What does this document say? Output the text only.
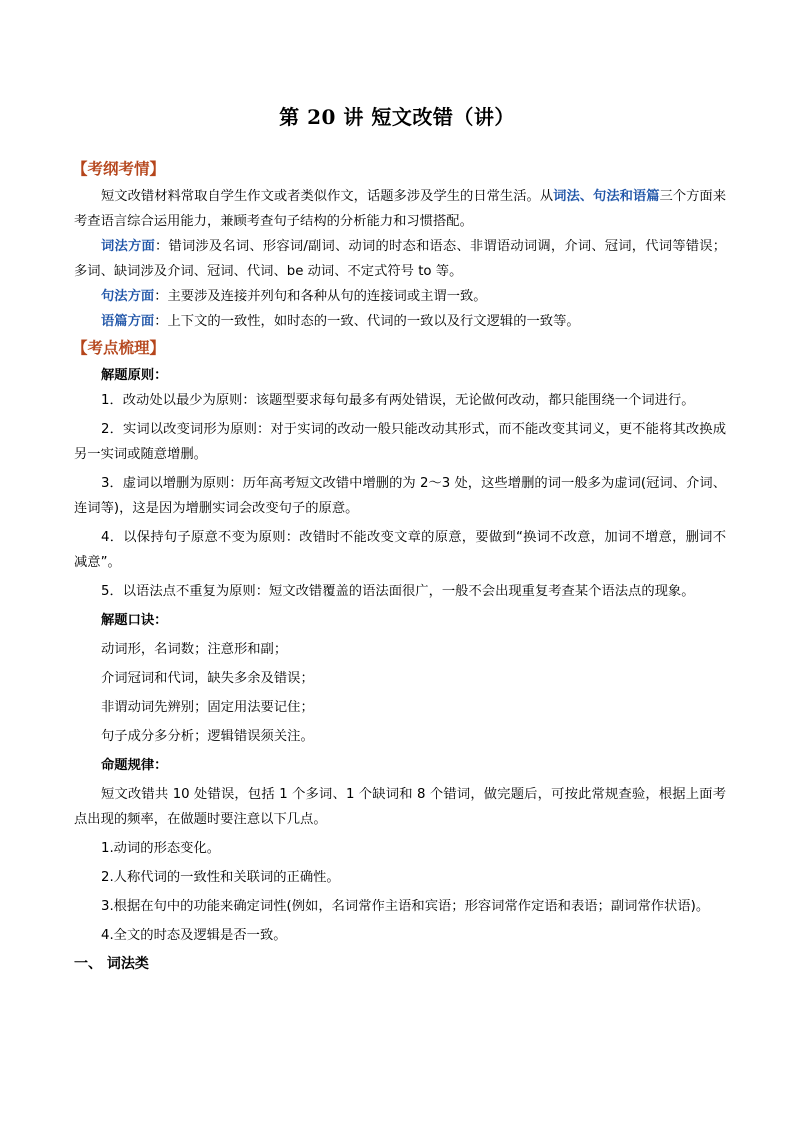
第 20 讲 短文改错（讲）
【考纲考情】

短文改错材料常取自学生作文或者类似作文，话题多涉及学生的日常生活。从词法、句法和语篇三个方面来考查语言综合运用能力，兼顾考查句子结构的分析能力和习惯搭配。

词法方面：错词涉及名词、形容词/副词、动词的时态和语态、非谓语动词调，介词、冠词，代词等错误；多词、缺词涉及介词、冠词、代词、be 动词、不定式符号 to 等。

句法方面：主要涉及连接并列句和各种从句的连接词或主谓一致。

语篇方面：上下文的一致性，如时态的一致、代词的一致以及行文逻辑的一致等。

【考点梳理】

解题原则：

1．改动处以最少为原则：该题型要求每句最多有两处错误，无论做何改动，都只能围绕一个词进行。

2．实词以改变词形为原则：对于实词的改动一般只能改动其形式，而不能改变其词义，更不能将其改换成另一实词或随意增删。

3．虚词以增删为原则：历年高考短文改错中增删的为 2～3 处，这些增删的词一般多为虚词(冠词、介词、连词等)，这是因为增删实词会改变句子的原意。

4．以保持句子原意不变为原则：改错时不能改变文章的原意，要做到“换词不改意，加词不增意，删词不减意”。

5．以语法点不重复为原则：短文改错覆盖的语法面很广，一般不会出现重复考查某个语法点的现象。

解题口诀：

动词形，名词数；注意形和副；

介词冠词和代词，缺失多余及错误；

非谓动词先辨别；固定用法要记住；

句子成分多分析；逻辑错误须关注。

命题规律：

短文改错共 10 处错误，包括 1 个多词、1 个缺词和 8 个错词，做完题后，可按此常规查验，根据上面考点出现的频率，在做题时要注意以下几点。

1.动词的形态变化。

2.人称代词的一致性和关联词的正确性。

3.根据在句中的功能来确定词性(例如，名词常作主语和宾语；形容词常作定语和表语；副词常作状语)。

4.全文的时态及逻辑是否一致。

一、 词法类
